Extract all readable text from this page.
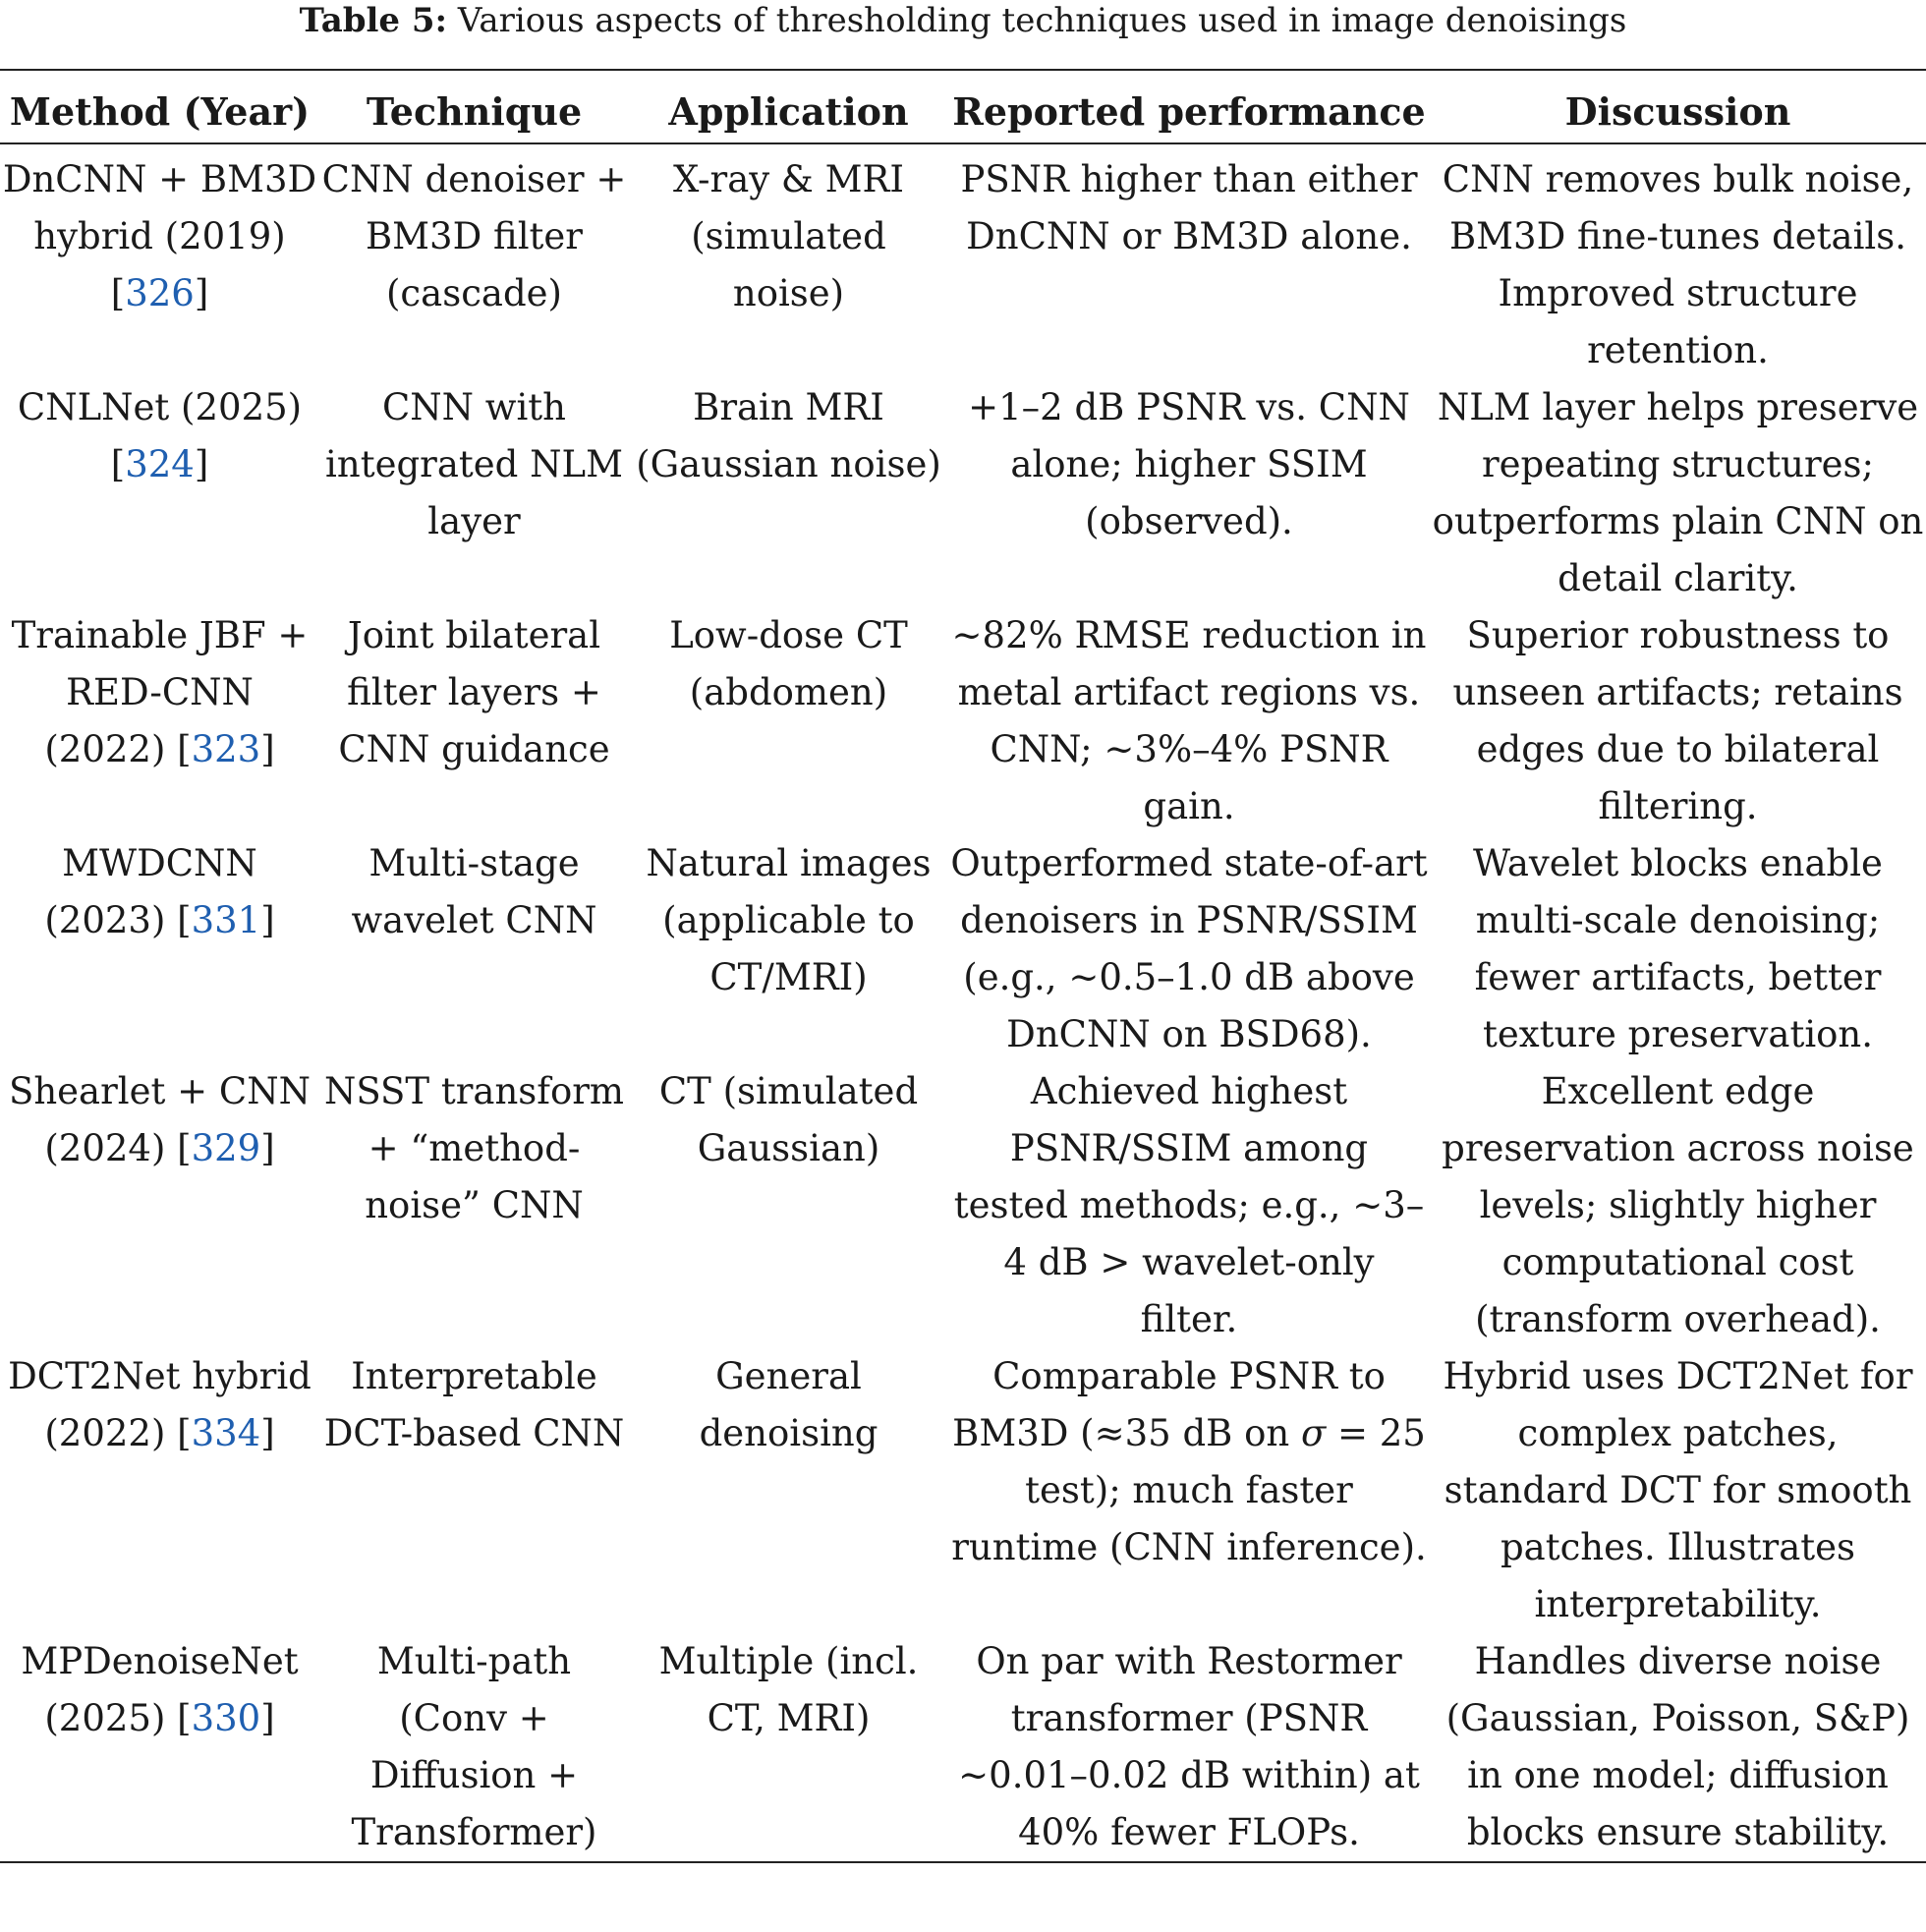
Table 5: Various aspects of thresholding techniques used in image denoisings
Method (Year)	Technique	Application	Reported performance	Discussion
DnCNN + BM3D hybrid (2019) [326]	CNN denoiser + BM3D filter (cascade)	X-ray & MRI (simulated noise)	PSNR higher than either DnCNN or BM3D alone.	CNN removes bulk noise, BM3D fine-tunes details. Improved structure retention.
CNLNet (2025) [324]	CNN with integrated NLM layer	Brain MRI (Gaussian noise)	+1–2 dB PSNR vs. CNN alone; higher SSIM (observed).	NLM layer helps preserve repeating structures; outperforms plain CNN on detail clarity.
Trainable JBF + RED-CNN (2022) [323]	Joint bilateral filter layers + CNN guidance	Low-dose CT (abdomen)	~82% RMSE reduction in metal artifact regions vs. CNN; ~3%–4% PSNR gain.	Superior robustness to unseen artifacts; retains edges due to bilateral filtering.
MWDCNN (2023) [331]	Multi-stage wavelet CNN	Natural images (applicable to CT/MRI)	Outperformed state-of-art denoisers in PSNR/SSIM (e.g., ~0.5–1.0 dB above DnCNN on BSD68).	Wavelet blocks enable multi-scale denoising; fewer artifacts, better texture preservation.
Shearlet + CNN (2024) [329]	NSST transform + “method-noise” CNN	CT (simulated Gaussian)	Achieved highest PSNR/SSIM among tested methods; e.g., ~3–4 dB > wavelet-only filter.	Excellent edge preservation across noise levels; slightly higher computational cost (transform overhead).
DCT2Net hybrid (2022) [334]	Interpretable DCT-based CNN	General denoising	Comparable PSNR to BM3D (≈35 dB on σ = 25 test); much faster runtime (CNN inference).	Hybrid uses DCT2Net for complex patches, standard DCT for smooth patches. Illustrates interpretability.
MPDenoiseNet (2025) [330]	Multi-path (Conv + Diffusion + Transformer)	Multiple (incl. CT, MRI)	On par with Restormer transformer (PSNR ~0.01–0.02 dB within) at 40% fewer FLOPs.	Handles diverse noise (Gaussian, Poisson, S&P) in one model; diffusion blocks ensure stability.
